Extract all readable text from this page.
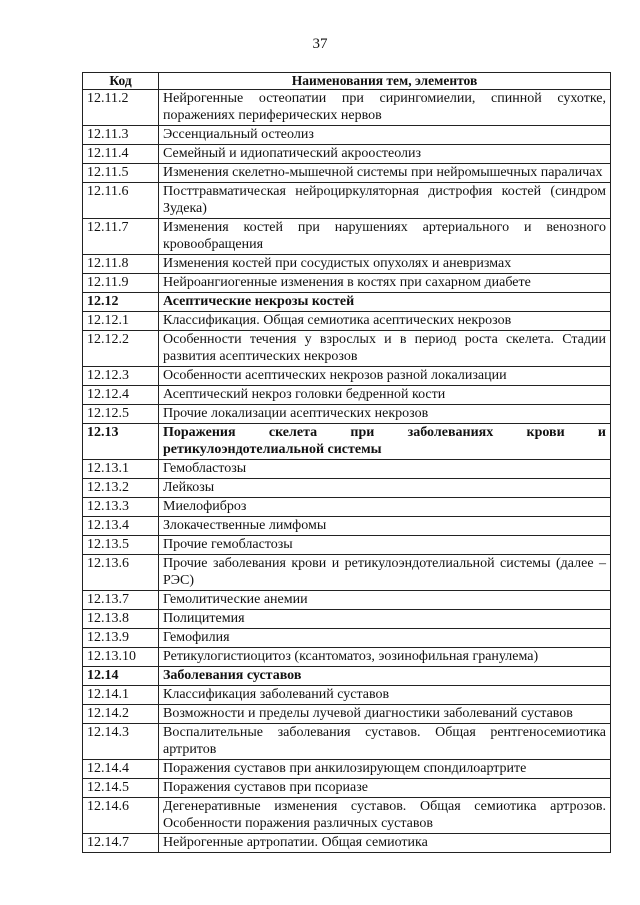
37
Код	Наименования тем, элементов
12.11.2	Нейрогенные остеопатии при сирингомиелии, спинной сухотке, поражениях периферических нервов
12.11.3	Эссенциальный остеолиз
12.11.4	Семейный и идиопатический акроостеолиз
12.11.5	Изменения скелетно-мышечной системы при нейромышечных параличах
12.11.6	Посттравматическая нейроциркуляторная дистрофия костей (синдром Зудека)
12.11.7	Изменения костей при нарушениях артериального и венозного кровообращения
12.11.8	Изменения костей при сосудистых опухолях и аневризмах
12.11.9	Нейроангиогенные изменения в костях при сахарном диабете
12.12	Асептические некрозы костей
12.12.1	Классификация. Общая семиотика асептических некрозов
12.12.2	Особенности течения у взрослых и в период роста скелета. Стадии развития асептических некрозов
12.12.3	Особенности асептических некрозов разной локализации
12.12.4	Асептический некроз головки бедренной кости
12.12.5	Прочие локализации асептических некрозов
12.13	Поражения скелета при заболеваниях крови и ретикулоэндотелиальной системы
12.13.1	Гемобластозы
12.13.2	Лейкозы
12.13.3	Миелофиброз
12.13.4	Злокачественные лимфомы
12.13.5	Прочие гемобластозы
12.13.6	Прочие заболевания крови и ретикулоэндотелиальной системы (далее – РЭС)
12.13.7	Гемолитические анемии
12.13.8	Полицитемия
12.13.9	Гемофилия
12.13.10	Ретикулогистиоцитоз (ксантоматоз, эозинофильная гранулема)
12.14	Заболевания суставов
12.14.1	Классификация заболеваний суставов
12.14.2	Возможности и пределы лучевой диагностики заболеваний суставов
12.14.3	Воспалительные заболевания суставов. Общая рентгеносемиотика артритов
12.14.4	Поражения суставов при анкилозирующем спондилоартрите
12.14.5	Поражения суставов при псориазе
12.14.6	Дегенеративные изменения суставов. Общая семиотика артрозов. Особенности поражения различных суставов
12.14.7	Нейрогенные артропатии. Общая семиотика
